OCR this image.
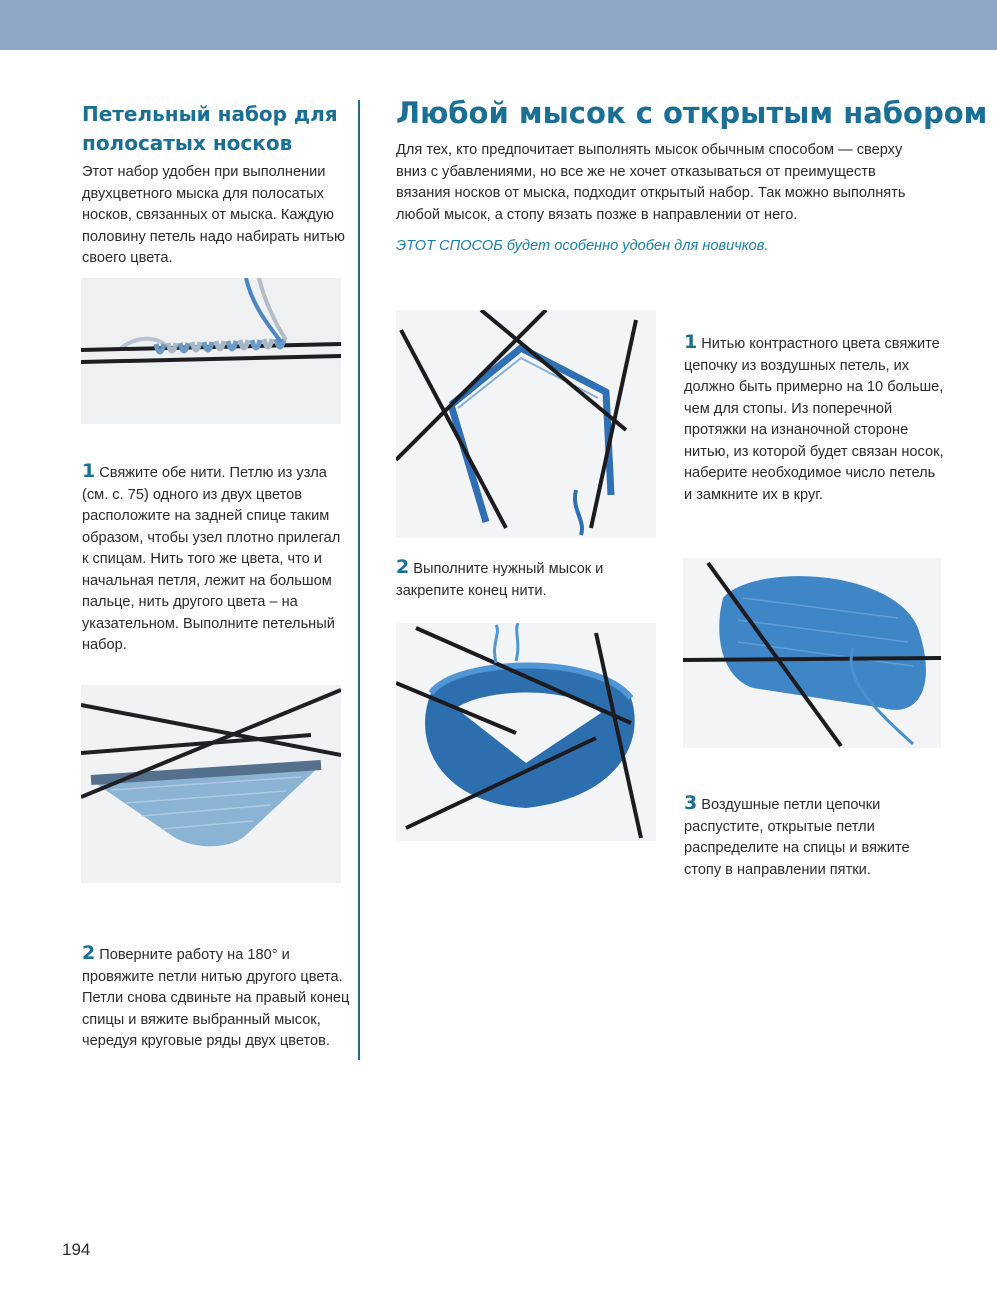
Петельный набор для полосатых носков

Этот набор удобен при выполнении двухцветного мыска для полосатых носков, связанных от мыска. Каждую половину петель надо набирать нитью своего цвета.

1 Свяжите обе нити. Петлю из узла (см. с. 75) одного из двух цветов расположите на задней спице таким образом, чтобы узел плотно прилегал к спицам. Нить того же цвета, что и начальная петля, лежит на большом пальце, нить другого цвета – на указательном. Выполните петельный набор.

2 Поверните работу на 180° и провяжите петли нитью другого цвета. Петли снова сдвиньте на правый конец спицы и вяжите выбранный мысок, чередуя круговые ряды двух цветов.

Любой мысок с открытым набором

Для тех, кто предпочитает выполнять мысок обычным способом — сверху вниз с убавлениями, но все же не хочет отказываться от преимуществ вязания носков от мыска, подходит открытый набор. Так можно выполнять любой мысок, а стопу вязать позже в направлении от него.

ЭТОТ СПОСОБ будет особенно удобен для новичков.

1 Нитью контрастного цвета свяжите цепочку из воздушных петель, их должно быть примерно на 10 больше, чем для стопы. Из поперечной протяжки на изнаночной стороне нитью, из которой будет связан носок, наберите необходимое число петель и замкните их в круг.

2 Выполните нужный мысок и закрепите конец нити.

3 Воздушные петли цепочки распустите, открытые петли распределите на спицы и вяжите стопу в направлении пятки.

194
